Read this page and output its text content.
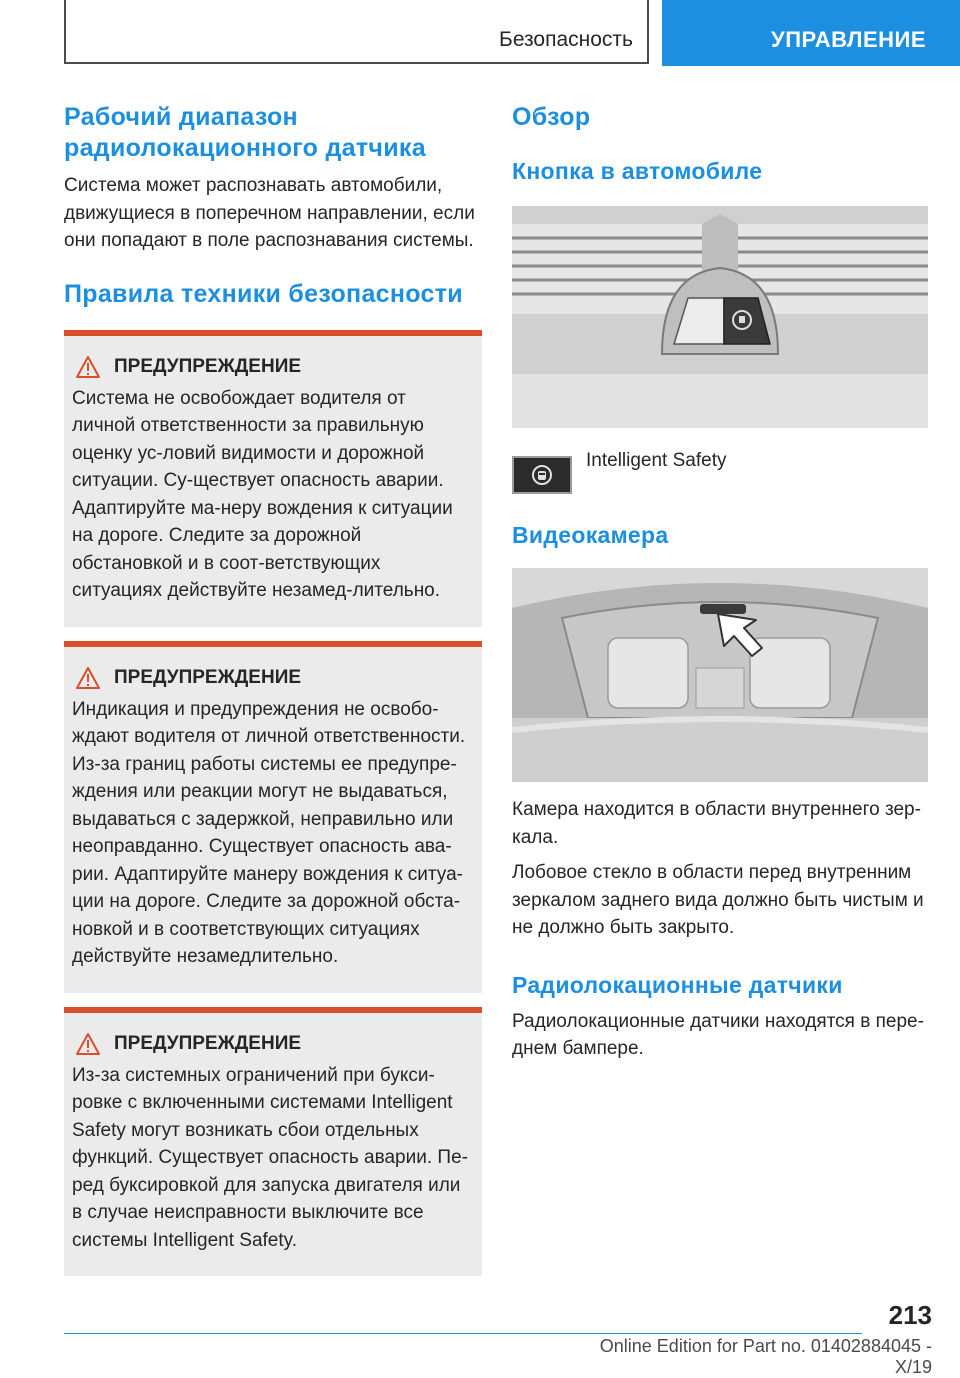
Безопасность	УПРАВЛЕНИЕ
Рабочий диапазон радиолокационного датчика

Система может распознавать автомобили, движущиеся в поперечном направлении, если они попадают в поле распознавания системы.

Правила техники безопасности
ПРЕДУПРЕЖДЕНИЕ

Система не освобождает водителя от личной ответственности за правильную оценку ус-ловий видимости и дорожной ситуации. Су-ществует опасность аварии. Адаптируйте ма-неру вождения к ситуации на дороге. Следите за дорожной обстановкой и в соот-ветствующих ситуациях действуйте незамед-лительно.

ПРЕДУПРЕЖДЕНИЕ

Индикация и предупреждения не освобо-ждают водителя от личной ответственности. Из-за границ работы системы ее предупре-ждения или реакции могут не выдаваться, выдаваться с задержкой, неправильно или неоправданно. Существует опасность ава-рии. Адаптируйте манеру вождения к ситуа-ции на дороге. Следите за дорожной обста-новкой и в соответствующих ситуациях действуйте незамедлительно.

ПРЕДУПРЕЖДЕНИЕ

Из-за системных ограничений при букси-ровке с включенными системами Intelligent Safety могут возникать сбои отдельных функций. Существует опасность аварии. Пе-ред буксировкой для запуска двигателя или в случае неисправности выключите все системы Intelligent Safety.

Обзор
Кнопка в автомобиле
Intelligent Safety
Видеокамера

Камера находится в области внутреннего зер-кала.

Лобовое стекло в области перед внутренним зеркалом заднего вида должно быть чистым и не должно быть закрыто.

Радиолокационные датчики

Радиолокационные датчики находятся в пере-днем бампере.

213
Online Edition for Part no. 01402884045 - X/19
